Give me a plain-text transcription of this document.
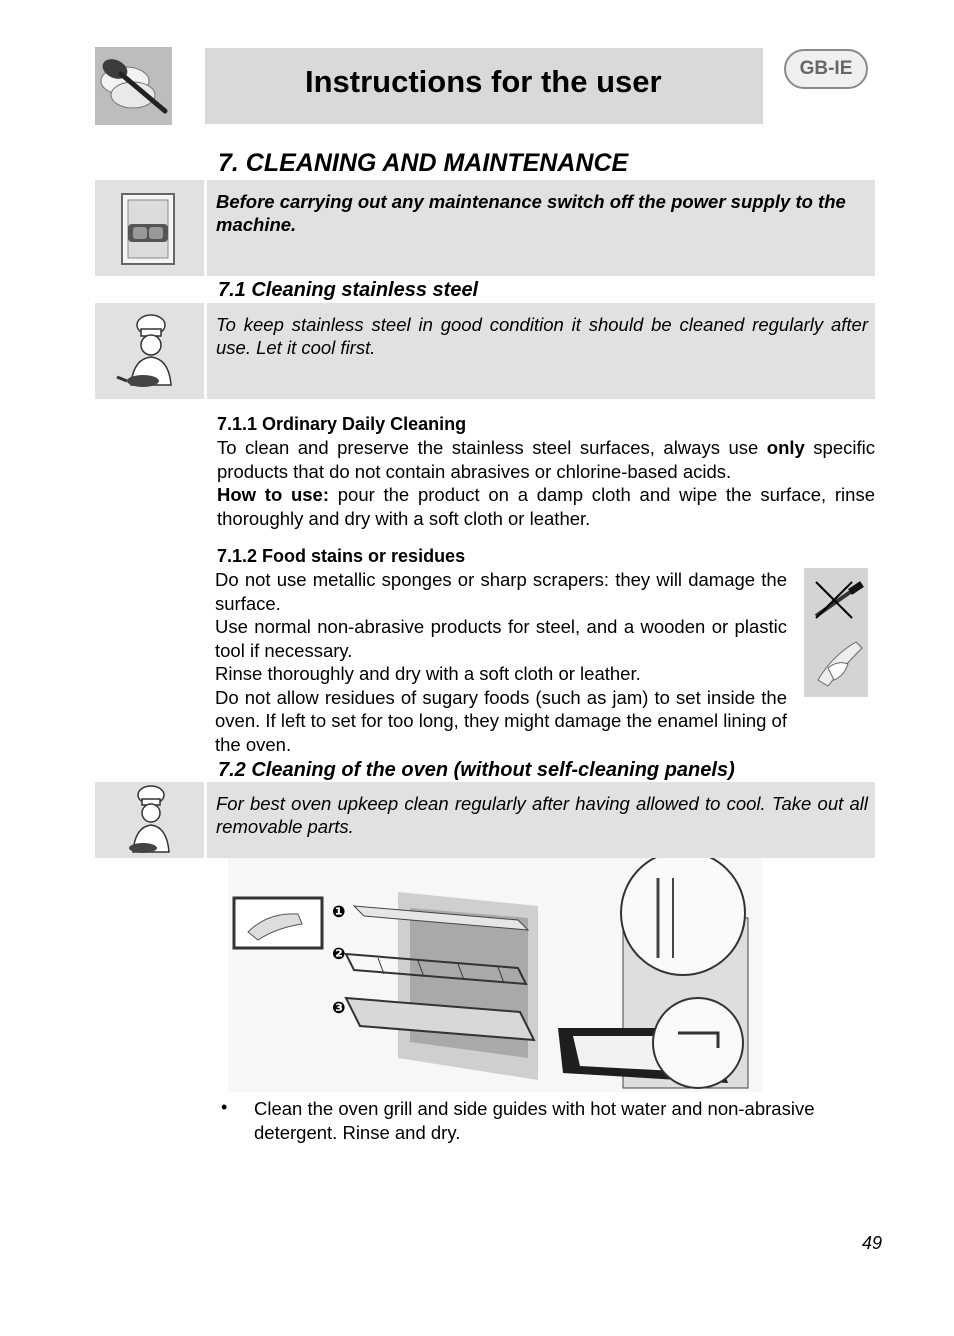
Instructions for the user	GB-IE
7. CLEANING AND MAINTENANCE
Before carrying out any maintenance switch off the power supply to the machine.
7.1 Cleaning stainless steel
To keep stainless steel in good condition it should be cleaned regularly after use. Let it cool first.
7.1.1 Ordinary Daily Cleaning

To clean and preserve the stainless steel surfaces, always use only specific products that do not contain abrasives or chlorine-based acids.

How to use: pour the product on a damp cloth and wipe the surface, rinse thoroughly and dry with a soft cloth or leather.

7.1.2 Food stains or residues

Do not use metallic sponges or sharp scrapers: they will damage the surface.

Use normal non-abrasive products for steel, and a wooden or plastic tool if necessary.

Rinse thoroughly and dry with a soft cloth or leather.

Do not allow residues of sugary foods (such as jam) to set inside the oven. If left to set for too long, they might damage the enamel lining of the oven.

7.2 Cleaning of the oven (without self-cleaning panels)
For best oven upkeep clean regularly after having allowed to cool. Take out all removable parts.
❶
❷
❸
• Clean the oven grill and side guides with hot water and non-abrasive detergent. Rinse and dry.
49
